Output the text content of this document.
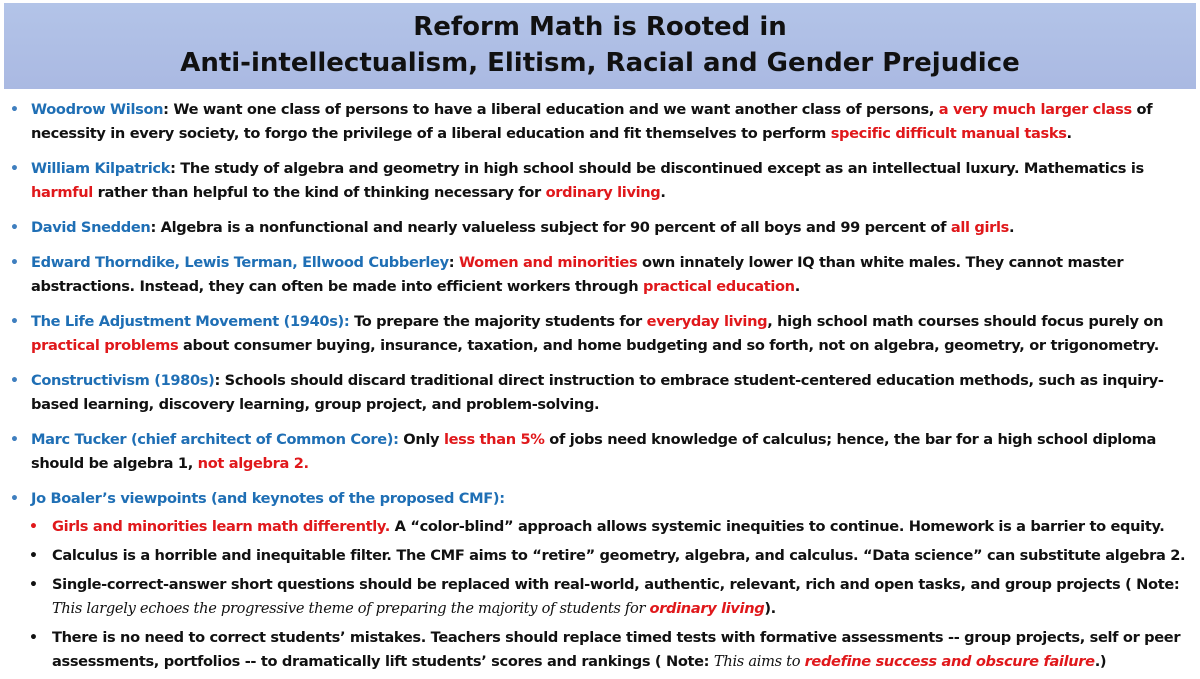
Reform Math is Rooted in
Anti-intellectualism, Elitism, Racial and Gender Prejudice
• Woodrow Wilson: We want one class of persons to have a liberal education and we want another class of persons, a very much larger class of necessity in every society, to forgo the privilege of a liberal education and fit themselves to perform specific difficult manual tasks.
• William Kilpatrick: The study of algebra and geometry in high school should be discontinued except as an intellectual luxury. Mathematics is harmful rather than helpful to the kind of thinking necessary for ordinary living.
• David Snedden: Algebra is a nonfunctional and nearly valueless subject for 90 percent of all boys and 99 percent of all girls.
• Edward Thorndike, Lewis Terman, Ellwood Cubberley: Women and minorities own innately lower IQ than white males. They cannot master abstractions. Instead, they can often be made into efficient workers through practical education.
• The Life Adjustment Movement (1940s): To prepare the majority students for everyday living, high school math courses should focus purely on practical problems about consumer buying, insurance, taxation, and home budgeting and so forth, not on algebra, geometry, or trigonometry.
• Constructivism (1980s): Schools should discard traditional direct instruction to embrace student-centered education methods, such as inquiry-based learning, discovery learning, group project, and problem-solving.
• Marc Tucker (chief architect of Common Core): Only less than 5% of jobs need knowledge of calculus; hence, the bar for a high school diploma should be algebra 1, not algebra 2.
• Jo Boaler’s viewpoints (and keynotes of the proposed CMF):
• Girls and minorities learn math differently. A “color-blind” approach allows systemic inequities to continue. Homework is a barrier to equity.
• Calculus is a horrible and inequitable filter. The CMF aims to “retire” geometry, algebra, and calculus. “Data science” can substitute algebra 2.
• Single-correct-answer short questions should be replaced with real-world, authentic, relevant, rich and open tasks, and group projects ( Note: This largely echoes the progressive theme of preparing the majority of students for ordinary living).
• There is no need to correct students’ mistakes. Teachers should replace timed tests with formative assessments -- group projects, self or peer assessments, portfolios -- to dramatically lift students’ scores and rankings ( Note: This aims to redefine success and obscure failure.)
